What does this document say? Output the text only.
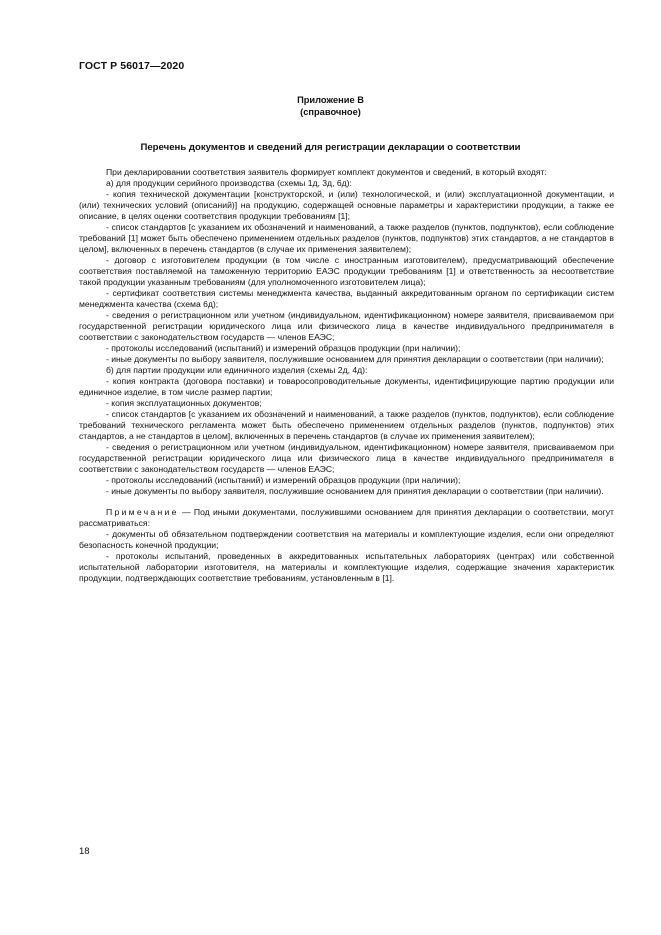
ГОСТ Р 56017—2020
Приложение В
(справочное)
Перечень документов и сведений для регистрации декларации о соответствии

При декларировании соответствия заявитель формирует комплект документов и сведений, в который входят:

а) для продукции серийного производства (схемы 1д, 3д, 6д):

- копия технической документации [конструкторской, и (или) технологической, и (или) эксплуатационной документации, и (или) технических условий (описаний)] на продукцию, содержащей основные параметры и характеристики продукции, а также ее описание, в целях оценки соответствия продукции требованиям [1];

- список стандартов [с указанием их обозначений и наименований, а также разделов (пунктов, подпунктов), если соблюдение требований [1] может быть обеспечено применением отдельных разделов (пунктов, подпунктов) этих стандартов, а не стандартов в целом], включенных в перечень стандартов (в случае их применения заявителем);

- договор с изготовителем продукции (в том числе с иностранным изготовителем), предусматривающий обеспечение соответствия поставляемой на таможенную территорию ЕАЭС продукции требованиям [1] и ответственность за несоответствие такой продукции указанным требованиям (для уполномоченного изготовителем лица);

- сертификат соответствия системы менеджмента качества, выданный аккредитованным органом по сертификации систем менеджмента качества (схема 6д);

- сведения о регистрационном или учетном (индивидуальном, идентификационном) номере заявителя, присваиваемом при государственной регистрации юридического лица или физического лица в качестве индивидуального предпринимателя в соответствии с законодательством государств — членов ЕАЭС;

- протоколы исследований (испытаний) и измерений образцов продукции (при наличии);

- иные документы по выбору заявителя, послужившие основанием для принятия декларации о соответствии (при наличии);

б) для партии продукции или единичного изделия (схемы 2д, 4д):

- копия контракта (договора поставки) и товаросопроводительные документы, идентифицирующие партию продукции или единичное изделие, в том числе размер партии;

- копия эксплуатационных документов;

- список стандартов [с указанием их обозначений и наименований, а также разделов (пунктов, подпунктов), если соблюдение требований технического регламента может быть обеспечено применением отдельных разделов (пунктов, подпунктов) этих стандартов, а не стандартов в целом], включенных в перечень стандартов (в случае их применения заявителем);

- сведения о регистрационном или учетном (индивидуальном, идентификационном) номере заявителя, присваиваемом при государственной регистрации юридического лица или физического лица в качестве индивидуального предпринимателя в соответствии с законодательством государств — членов ЕАЭС;

- протоколы исследований (испытаний) и измерений образцов продукции (при наличии);

- иные документы по выбору заявителя, послужившие основанием для принятия декларации о соответствии (при наличии).

Примечание — Под иными документами, послужившими основанием для принятия декларации о соответствии, могут рассматриваться:

- документы об обязательном подтверждении соответствия на материалы и комплектующие изделия, если они определяют безопасность конечной продукции;

- протоколы испытаний, проведенных в аккредитованных испытательных лабораториях (центрах) или собственной испытательной лаборатории изготовителя, на материалы и комплектующие изделия, содержащие значения характеристик продукции, подтверждающих соответствие требованиям, установленным в [1].

18
